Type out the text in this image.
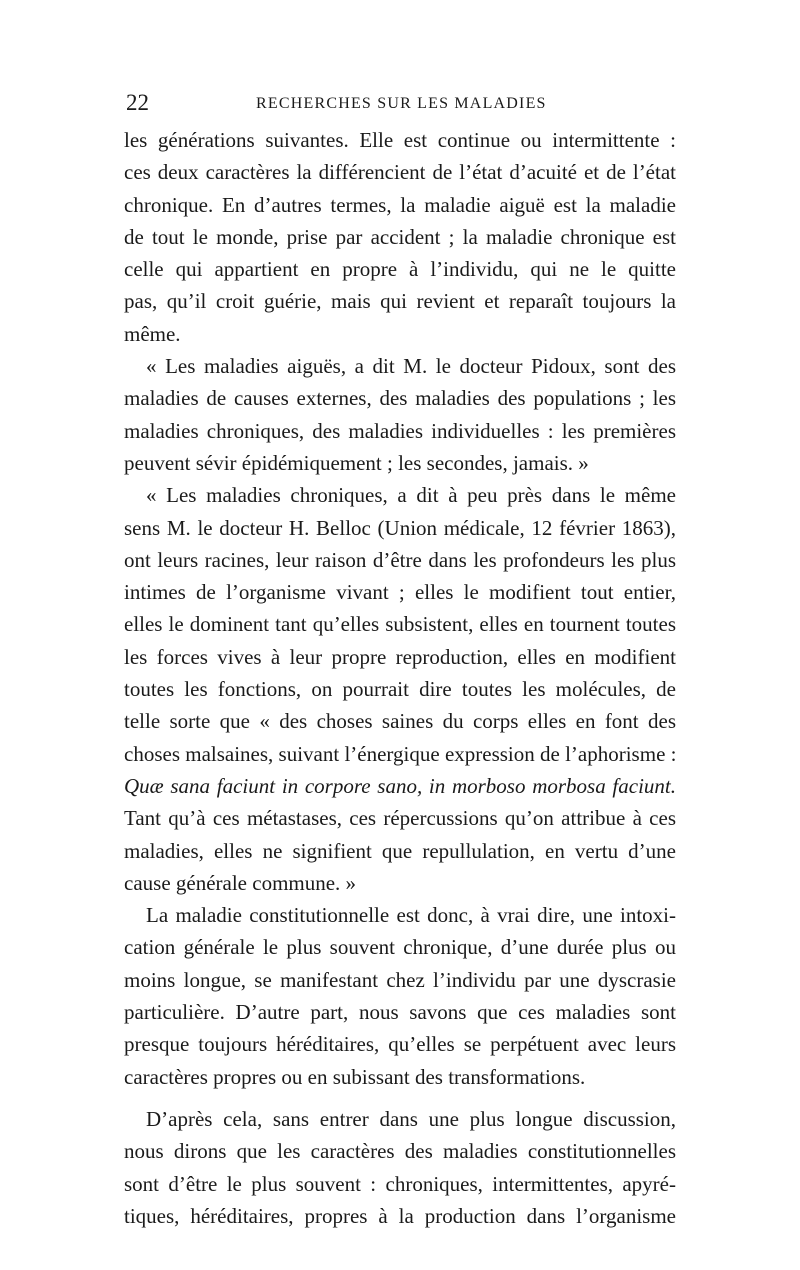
22	RECHERCHES SUR LES MALADIES
les générations suivantes. Elle est continue ou intermittente :
ces deux caractères la différencient de l’état d’acuité et de l’état
chronique. En d’autres termes, la maladie aiguë est la maladie
de tout le monde, prise par accident ; la maladie chronique est
celle qui appartient en propre à l’individu, qui ne le quitte
pas, qu’il croit guérie, mais qui revient et reparaît toujours la
même.
« Les maladies aiguës, a dit M. le docteur Pidoux, sont des
maladies de causes externes, des maladies des populations ; les
maladies chroniques, des maladies individuelles : les premières
peuvent sévir épidémiquement ; les secondes, jamais. »
« Les maladies chroniques, a dit à peu près dans le même
sens M. le docteur H. Belloc (Union médicale, 12 février 1863),
ont leurs racines, leur raison d’être dans les profondeurs les plus
intimes de l’organisme vivant ; elles le modifient tout entier,
elles le dominent tant qu’elles subsistent, elles en tournent toutes
les forces vives à leur propre reproduction, elles en modifient
toutes les fonctions, on pourrait dire toutes les molécules, de
telle sorte que « des choses saines du corps elles en font des
choses malsaines, suivant l’énergique expression de l’aphorisme :
Quæ sana faciunt in corpore sano, in morboso morbosa faciunt.
Tant qu’à ces métastases, ces répercussions qu’on attribue à ces
maladies, elles ne signifient que repullulation, en vertu d’une
cause générale commune. »
La maladie constitutionnelle est donc, à vrai dire, une intoxi-
cation générale le plus souvent chronique, d’une durée plus ou
moins longue, se manifestant chez l’individu par une dyscrasie
particulière. D’autre part, nous savons que ces maladies sont
presque toujours héréditaires, qu’elles se perpétuent avec leurs
caractères propres ou en subissant des transformations.
D’après cela, sans entrer dans une plus longue discussion,
nous dirons que les caractères des maladies constitutionnelles
sont d’être le plus souvent : chroniques, intermittentes, apyré-
tiques, héréditaires, propres à la production dans l’organisme
